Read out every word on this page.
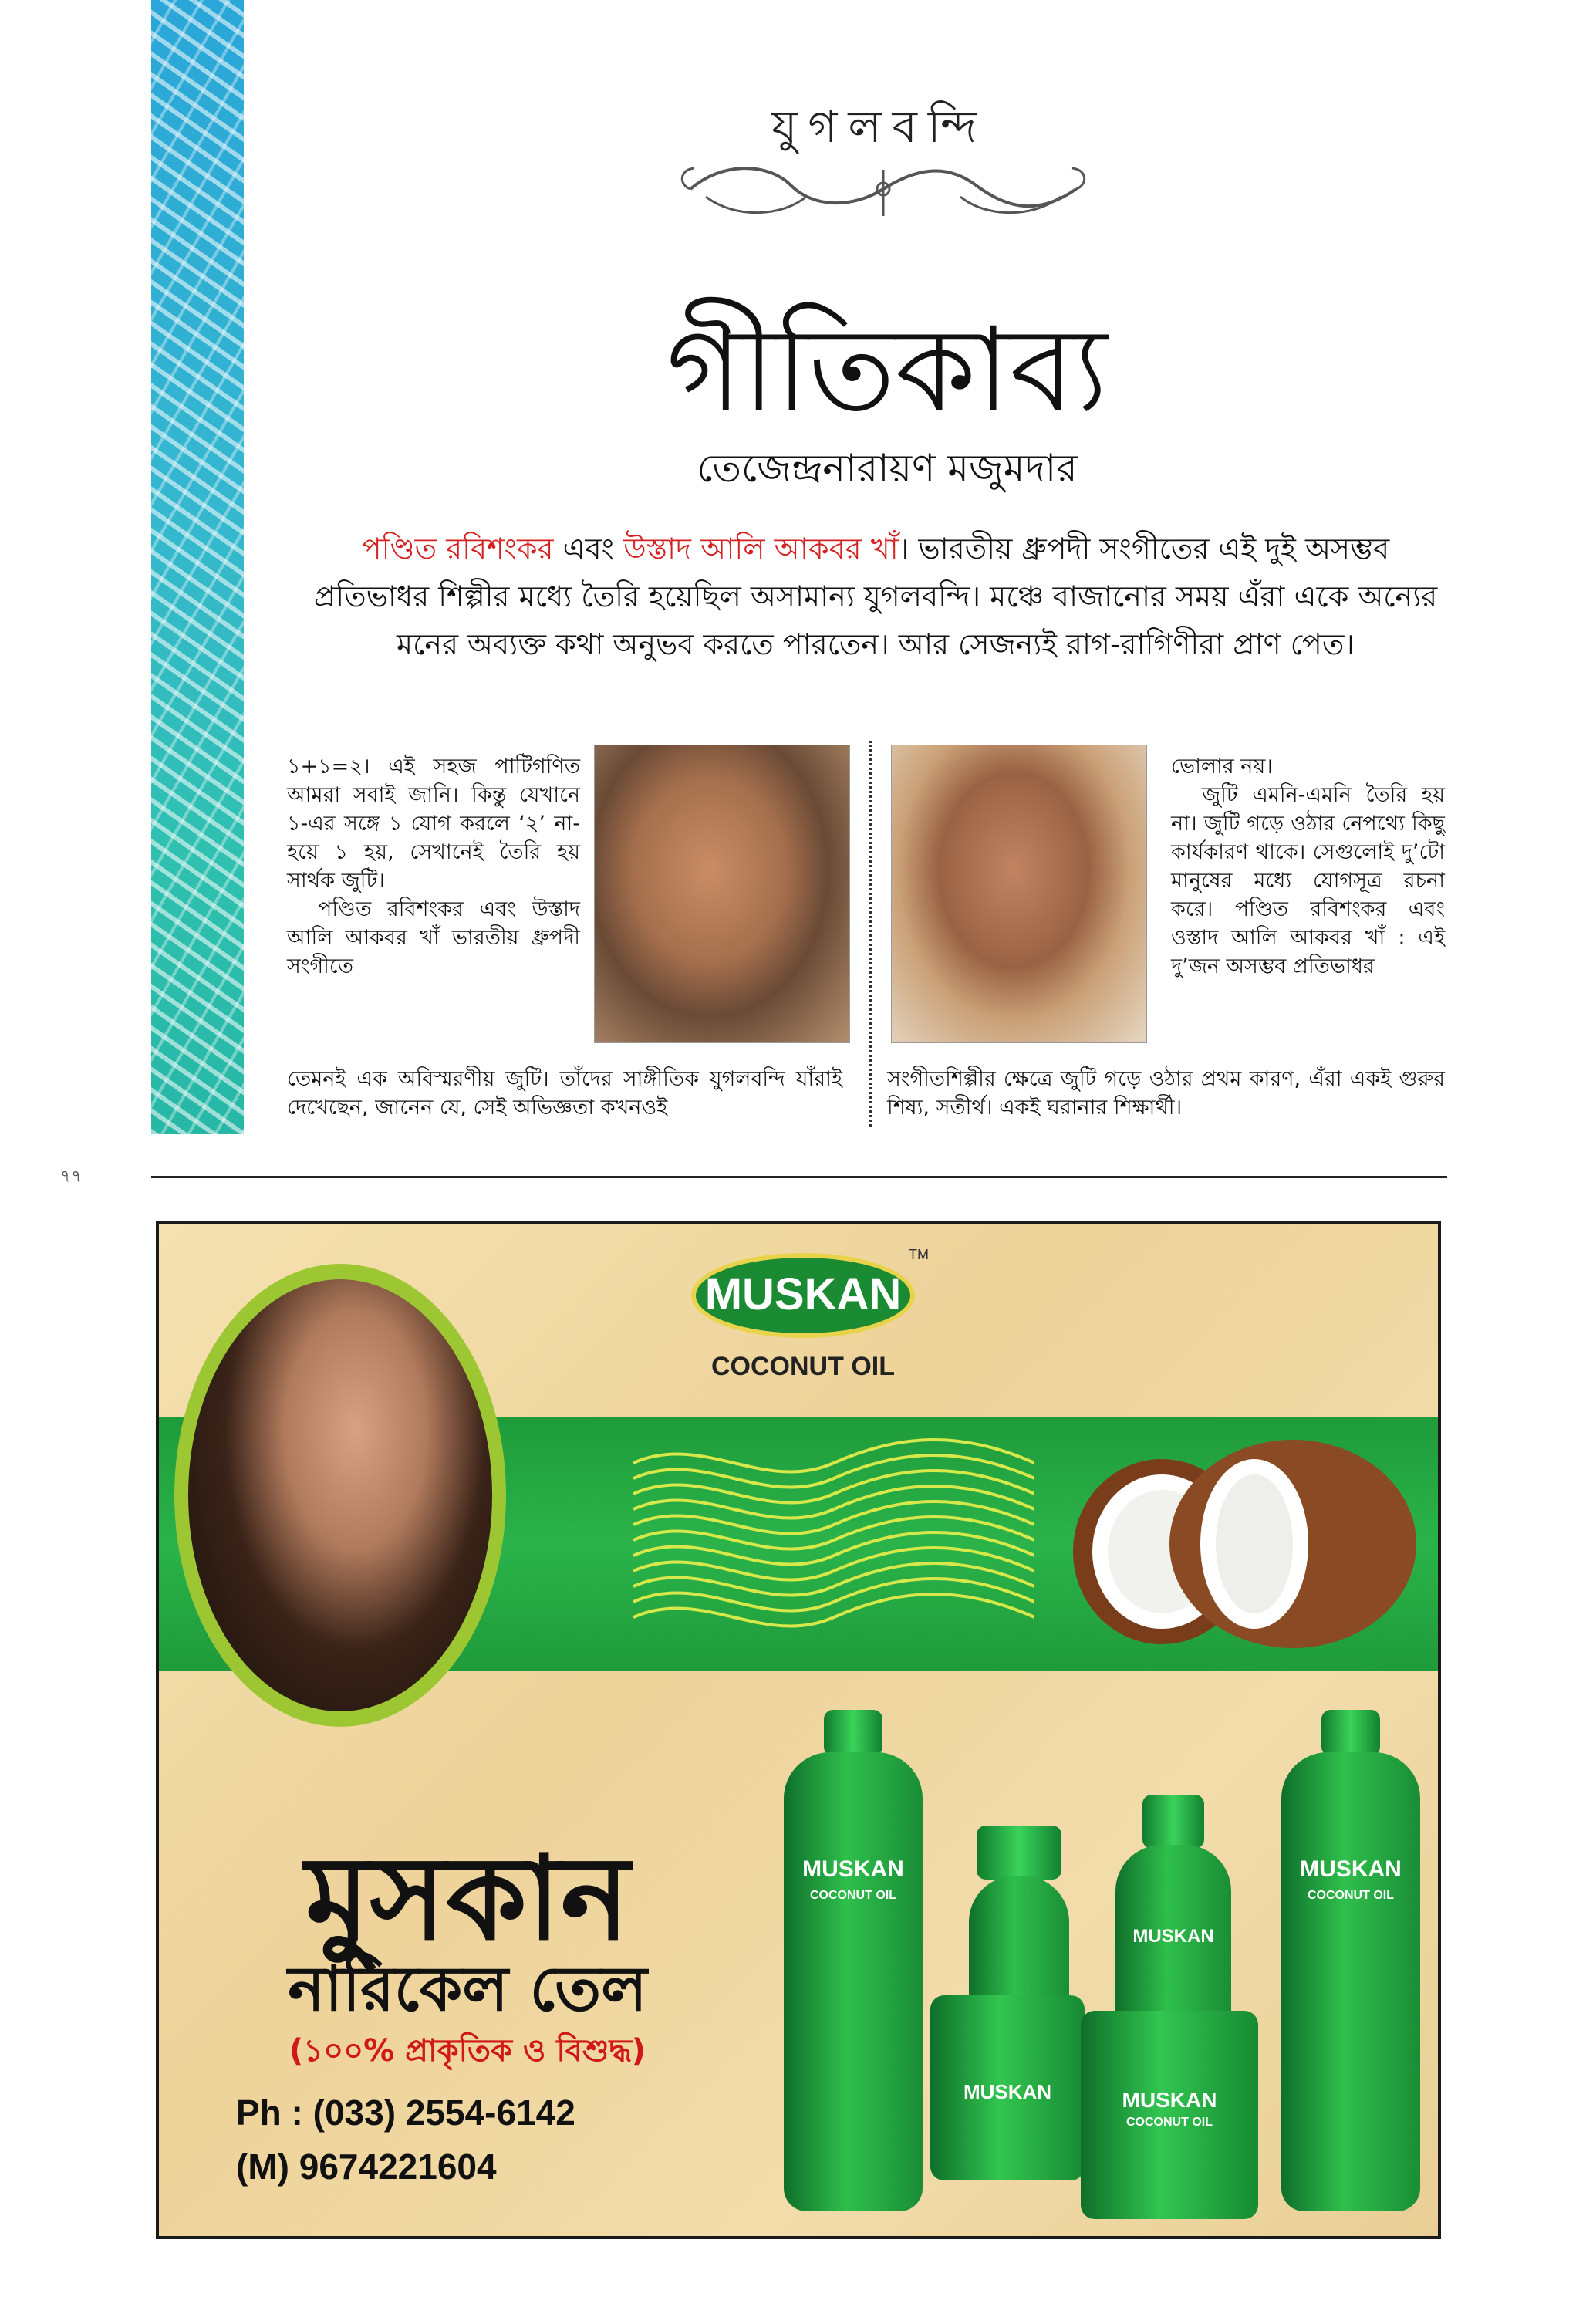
যুগলবন্দি
গীতিকাব্য
তেজেন্দ্রনারায়ণ মজুমদার
পণ্ডিত রবিশংকর এবং উস্তাদ আলি আকবর খাঁ। ভারতীয় ধ্রুপদী সংগীতের এই দুই অসম্ভব প্রতিভাধর শিল্পীর মধ্যে তৈরি হয়েছিল অসামান্য যুগলবন্দি। মঞ্চে বাজানোর সময় এঁরা একে অন্যের মনের অব্যক্ত কথা অনুভব করতে পারতেন। আর সেজন্যই রাগ-রাগিণীরা প্রাণ পেত।
১+১=২। এই সহজ পাটিগণিত আমরা সবাই জানি। কিন্তু যেখানে ১-এর সঙ্গে ১ যোগ করলে ‘২’ না-হয়ে ১ হয়, সেখানেই তৈরি হয় সার্থক জুটি।
পণ্ডিত রবিশংকর এবং উস্তাদ আলি আকবর খাঁ ভারতীয় ধ্রুপদী সংগীতে
তেমনই এক অবিস্মরণীয় জুটি। তাঁদের সাঙ্গীতিক যুগলবন্দি যাঁরাই দেখেছেন, জানেন যে, সেই অভিজ্ঞতা কখনওই
ভোলার নয়।
জুটি এমনি-এমনি তৈরি হয় না। জুটি গড়ে ওঠার নেপথ্যে কিছু কার্যকারণ থাকে। সেগুলোই দু’টো মানুষের মধ্যে যোগসূত্র রচনা করে। পণ্ডিত রবিশংকর এবং ওস্তাদ আলি আকবর খাঁ : এই দু’জন অসম্ভব প্রতিভাধর
সংগীতশিল্পীর ক্ষেত্রে জুটি গড়ে ওঠার প্রথম কারণ, এঁরা একই গুরুর শিষ্য, সতীর্থ। একই ঘরানার শিক্ষার্থী।
৭৭
MUSKAN
TM
COCONUT OIL
মুসকান
নারিকেল তেল
(১০০% প্রাকৃতিক ও বিশুদ্ধ)
Ph : (033) 2554-6142
(M) 9674221604
MUSKAN
COCONUT OIL
MUSKAN
MUSKAN
MUSKAN
COCONUT OIL
MUSKAN
COCONUT OIL
